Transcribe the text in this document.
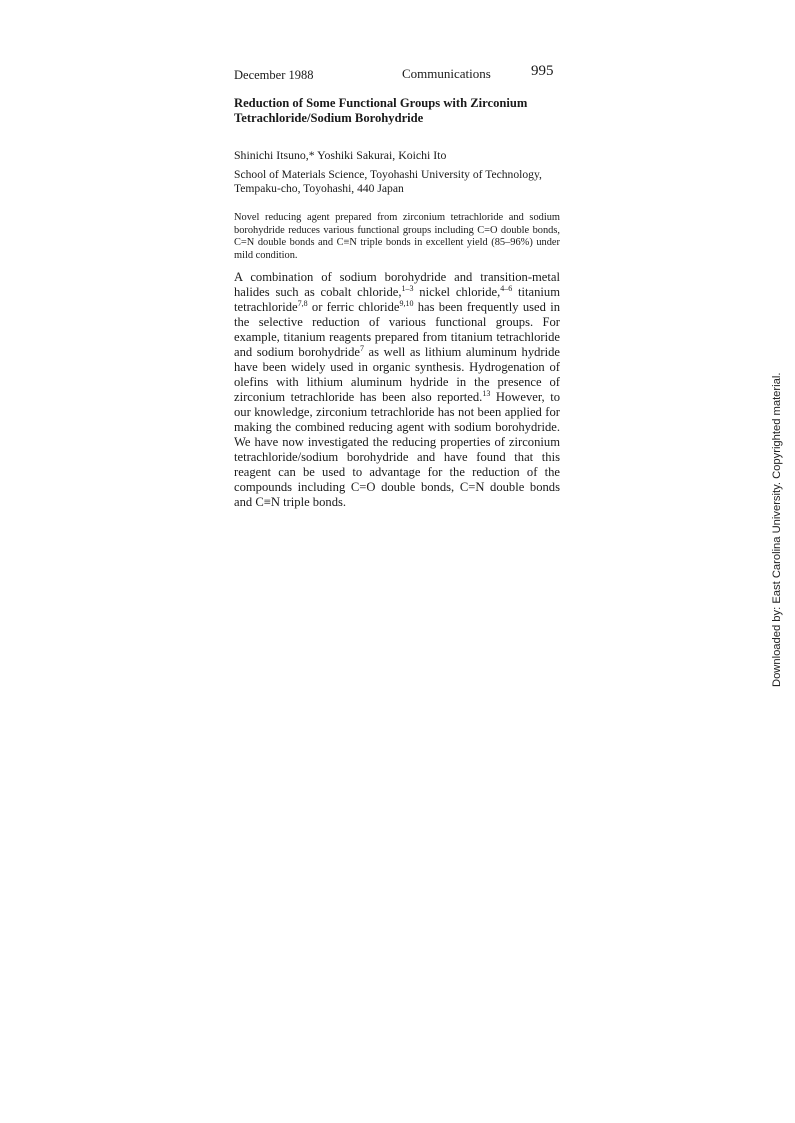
December 1988	Communications	995
Reduction of Some Functional Groups with Zirconium
Tetrachloride/Sodium Borohydride
Shinichi Itsuno,* Yoshiki Sakurai, Koichi Ito
School of Materials Science, Toyohashi University of Technology,
Tempaku-cho, Toyohashi, 440 Japan
Novel reducing agent prepared from zirconium tetrachloride and sodium borohydride reduces various functional groups including C=O double bonds, C=N double bonds and C≡N triple bonds in excellent yield (85–96%) under mild condition.
A combination of sodium borohydride and transition-metal halides such as cobalt chloride,$^{1-3}$ nickel chloride,$^{4-6}$ titanium tetrachloride$^{7,8}$ or ferric chloride$^{9,10}$ has been frequently used in the selective reduction of various functional groups. For example, titanium reagents prepared from titanium tetrachloride and sodium borohydride$^7$ as well as lithium aluminum hydride have been widely used in organic synthesis. Hydrogenation of olefins with lithium aluminum hydride in the presence of zirconium tetrachloride has been also reported.$^{13}$ However, to our knowledge, zirconium tetrachloride has not been applied for making the combined reducing agent with sodium borohydride. We have now investigated the reducing properties of zirconium tetrachloride/sodium borohydride and have found that this reagent can be used to advantage for the reduction of the compounds including C=O double bonds, C=N double bonds and C≡N triple bonds.	Downloaded by: East Carolina University. Copyrighted material.
